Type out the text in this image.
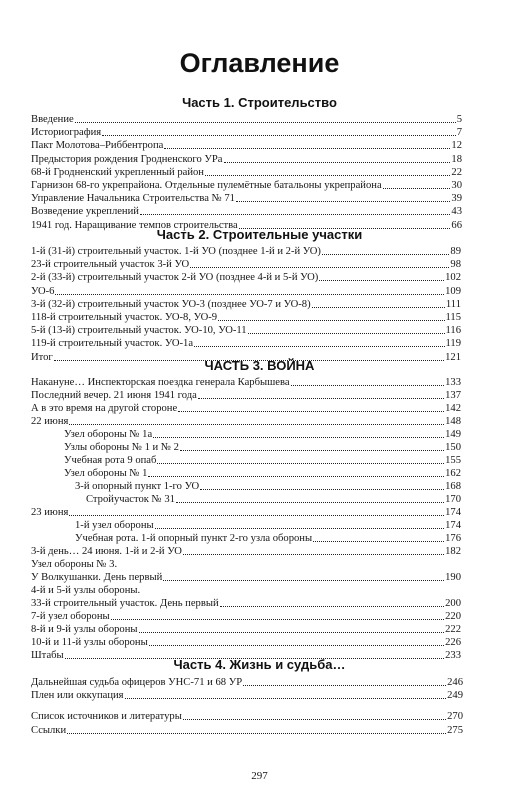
Оглавление
Часть 1. Строительство
Введение	5
Историография	7
Пакт Молотова–Риббентропа	12
Предыстория рождения Гродненского УРа	18
68-й Гродненский укрепленный район	22
Гарнизон 68-го укрепрайона. Отдельные пулемётные батальоны укрепрайона	30
Управление Начальника Строительства № 71	39
Возведение укреплений	43
1941 год. Наращивание темпов строительства	66
Часть 2. Строительные участки
1-й (31-й) строительный участок. 1-й УО (позднее 1-й и 2-й УО)	89
23-й строительный участок 3-й УО	98
2-й (33-й) строительный участок 2-й УО (позднее 4-й и 5-й УО)	102
УО-6	109
3-й (32-й) строительный участок УО-3 (позднее УО-7 и УО-8)	111
118-й строительный участок. УО-8, УО-9	115
5-й (13-й) строительный участок. УО-10, УО-11	116
119-й строительный участок. УО-1а	119
Итог	121
ЧАСТЬ 3. ВОЙНА
Накануне… Инспекторская поездка генерала Карбышева	133
Последний вечер. 21 июня 1941 года	137
А в это время на другой стороне	142
22 июня	148
Узел обороны № 1а	149
Узлы обороны № 1 и № 2	150
Учебная рота 9 опаб	155
Узел обороны № 1	162
3-й опорный пункт 1-го УО	168
Стройучасток № 31	170
23 июня	174
1-й узел обороны	174
Учебная рота. 1-й опорный пункт 2-го узла обороны	176
3-й день… 24 июня. 1-й и 2-й УО	182
Узел обороны № 3.
У Волкушанки. День первый	190
4-й и 5-й узлы обороны.
33-й строительный участок. День первый	200
7-й узел обороны	220
8-й и 9-й узлы обороны	222
10-й и 11-й узлы обороны	226
Штабы	233
Часть 4. Жизнь и судьба…
Дальнейшая судьба офицеров УНС-71 и 68 УР	246
Плен или оккупация	249
Список источников и литературы	270
Ссылки	275
297
